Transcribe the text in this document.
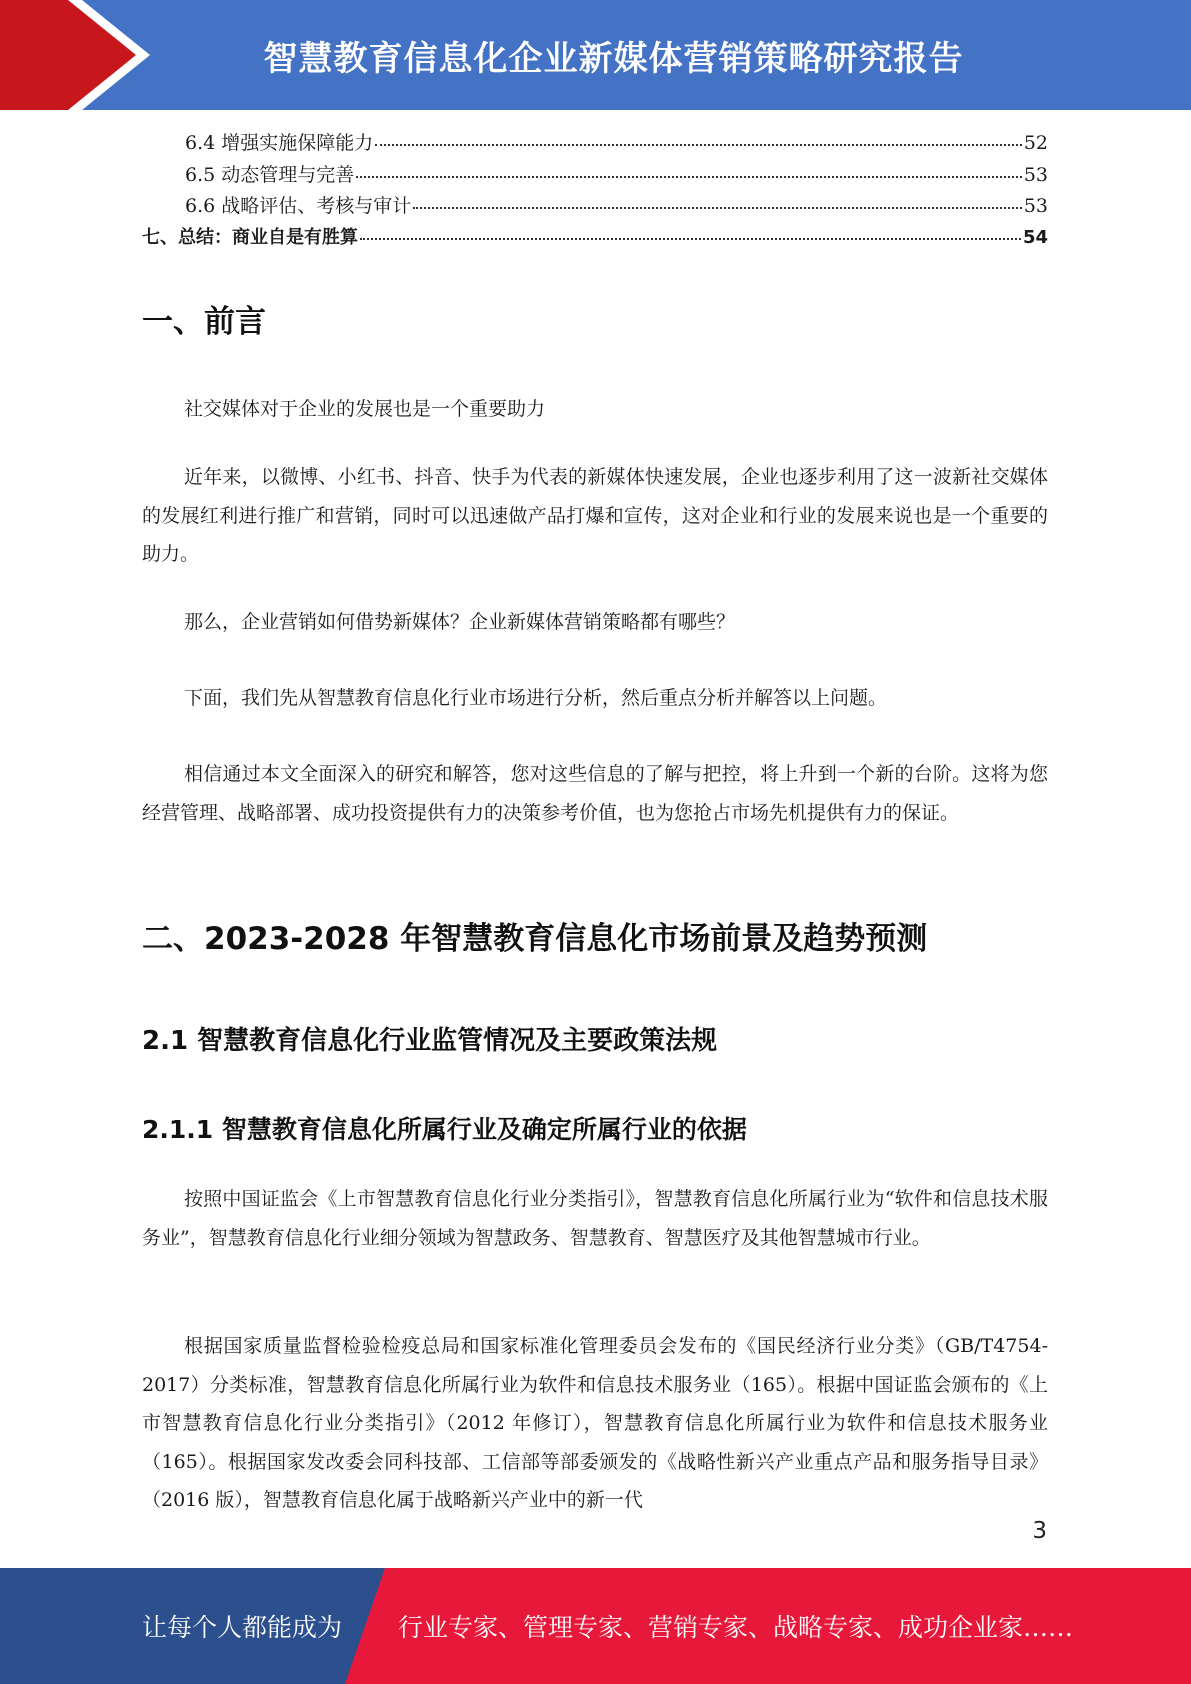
智慧教育信息化企业新媒体营销策略研究报告
6.4 增强实施保障能力	52
6.5 动态管理与完善	53
6.6 战略评估、考核与审计	53
七、总结：商业自是有胜算	54
一、前言

社交媒体对于企业的发展也是一个重要助力

近年来，以微博、小红书、抖音、快手为代表的新媒体快速发展，企业也逐步利用了这一波新社交媒体的发展红利进行推广和营销，同时可以迅速做产品打爆和宣传，这对企业和行业的发展来说也是一个重要的助力。

那么，企业营销如何借势新媒体？企业新媒体营销策略都有哪些？

下面，我们先从智慧教育信息化行业市场进行分析，然后重点分析并解答以上问题。

相信通过本文全面深入的研究和解答，您对这些信息的了解与把控，将上升到一个新的台阶。这将为您经营管理、战略部署、成功投资提供有力的决策参考价值，也为您抢占市场先机提供有力的保证。

二、2023-2028 年智慧教育信息化市场前景及趋势预测
2.1 智慧教育信息化行业监管情况及主要政策法规
2.1.1 智慧教育信息化所属行业及确定所属行业的依据

按照中国证监会《上市智慧教育信息化行业分类指引》，智慧教育信息化所属行业为“软件和信息技术服务业”，智慧教育信息化行业细分领域为智慧政务、智慧教育、智慧医疗及其他智慧城市行业。

根据国家质量监督检验检疫总局和国家标准化管理委员会发布的《国民经济行业分类》（GB/T4754-2017）分类标准，智慧教育信息化所属行业为软件和信息技术服务业（165）。根据中国证监会颁布的《上市智慧教育信息化行业分类指引》（2012 年修订），智慧教育信息化所属行业为软件和信息技术服务业（165）。根据国家发改委会同科技部、工信部等部委颁发的《战略性新兴产业重点产品和服务指导目录》（2016 版），智慧教育信息化属于战略新兴产业中的新一代

3
让每个人都能成为 行业专家、管理专家、营销专家、战略专家、成功企业家……
